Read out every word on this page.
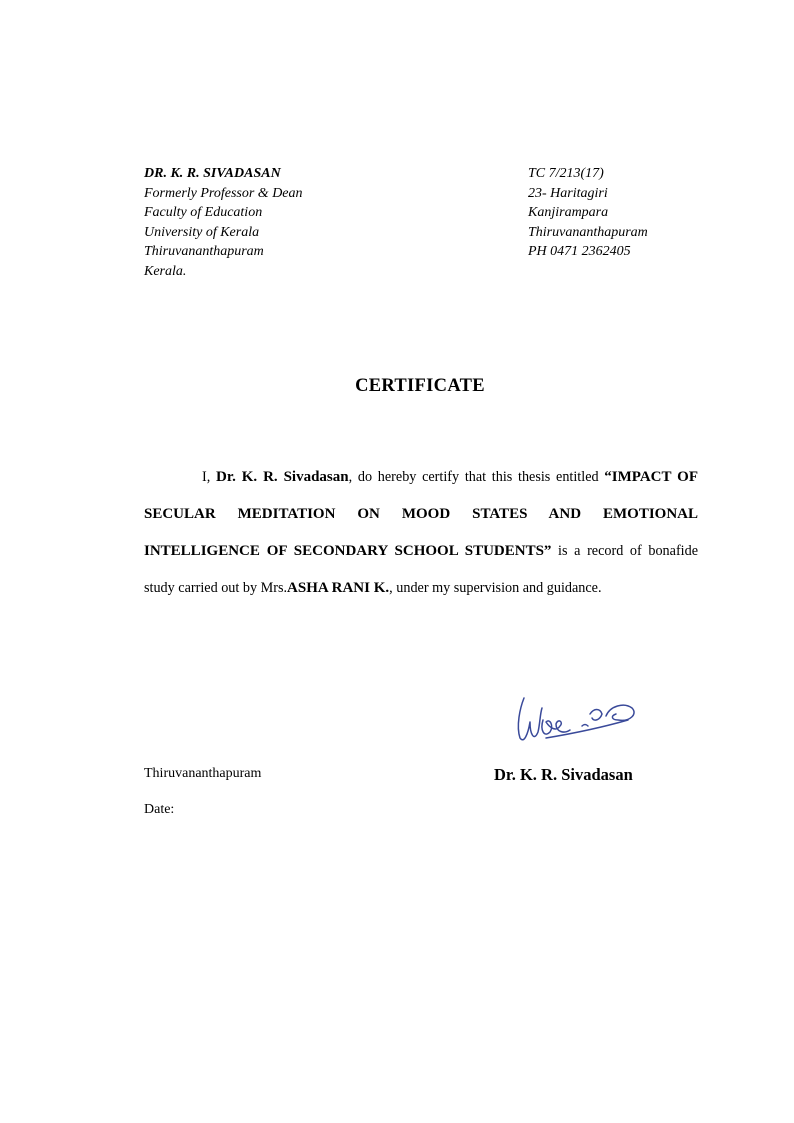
DR. K. R. SIVADASAN
Formerly Professor & Dean
Faculty of Education
University of Kerala
Thiruvananthapuram
Kerala.
TC 7/213(17)
23- Haritagiri
Kanjirampara
Thiruvananthapuram
PH 0471 2362405
CERTIFICATE

I, Dr. K. R. Sivadasan, do hereby certify that this thesis entitled “IMPACT OF SECULAR MEDITATION ON MOOD STATES AND EMOTIONAL INTELLIGENCE OF SECONDARY SCHOOL STUDENTS” is a record of bonafide study carried out by Mrs.ASHA RANI K., under my supervision and guidance.

Thiruvananthapuram	Dr. K. R. Sivadasan
Date:
